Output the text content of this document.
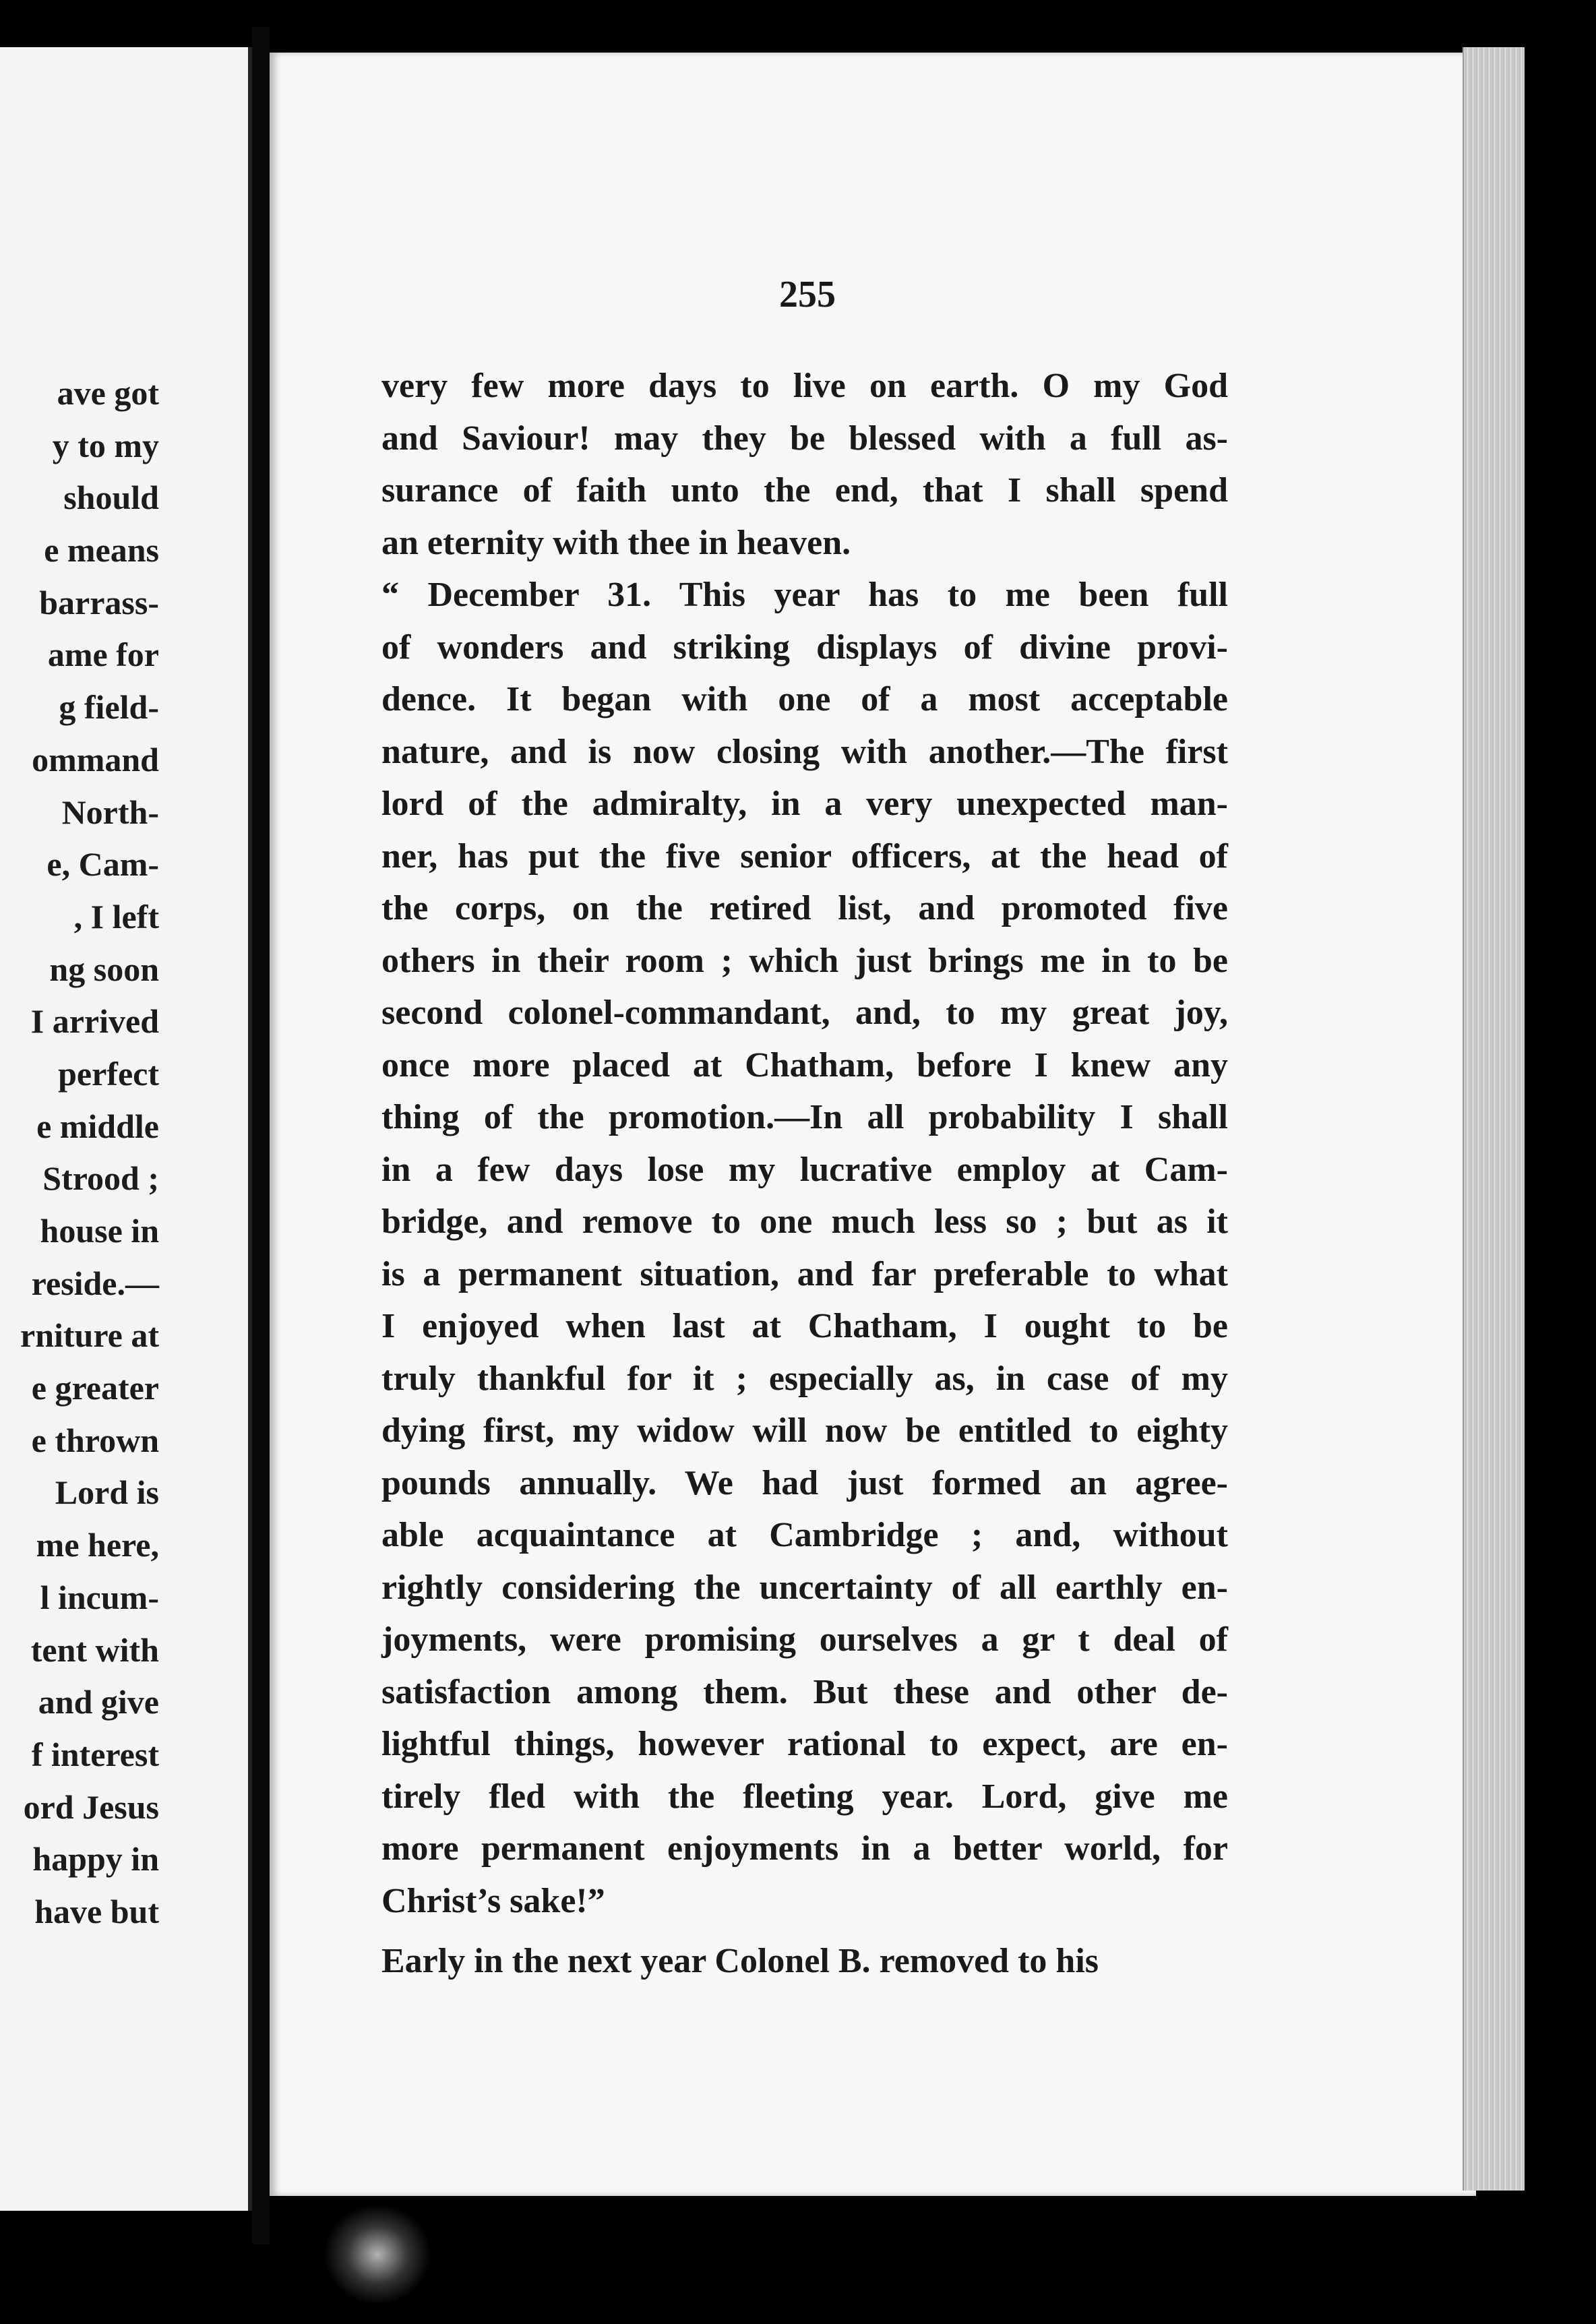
ave got
y to my
should
e means
barrass-
ame for
g field-
ommand
North-
e, Cam-
, I left
ng soon
I arrived
perfect
e middle
Strood ;
house in
reside.—
rniture at
e greater
e thrown
Lord is
me here,
l incum-
tent with
and give
f interest
ord Jesus
happy in
have but

255

very few more days to live on earth. O my God
and Saviour! may they be blessed with a full as-
surance of faith unto the end, that I shall spend
an eternity with thee in heaven.
“ December 31. This year has to me been full
of wonders and striking displays of divine provi-
dence. It began with one of a most acceptable
nature, and is now closing with another.—The first
lord of the admiralty, in a very unexpected man-
ner, has put the five senior officers, at the head of
the corps, on the retired list, and promoted five
others in their room ; which just brings me in to be
second colonel-commandant, and, to my great joy,
once more placed at Chatham, before I knew any
thing of the promotion.—In all probability I shall
in a few days lose my lucrative employ at Cam-
bridge, and remove to one much less so ; but as it
is a permanent situation, and far preferable to what
I enjoyed when last at Chatham, I ought to be
truly thankful for it ; especially as, in case of my
dying first, my widow will now be entitled to eighty
pounds annually. We had just formed an agree-
able acquaintance at Cambridge ; and, without
rightly considering the uncertainty of all earthly en-
joyments, were promising ourselves a gr t deal of
satisfaction among them. But these and other de-
lightful things, however rational to expect, are en-
tirely fled with the fleeting year. Lord, give me
more permanent enjoyments in a better world, for
Christ’s sake!”
Early in the next year Colonel B. removed to his
